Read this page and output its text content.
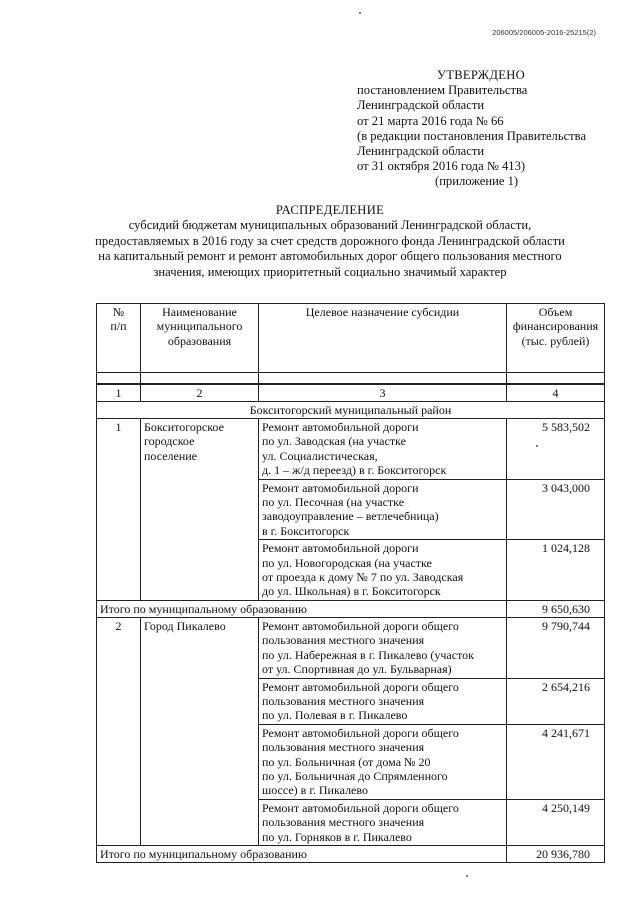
206005/206005-2016-25215(2)
УТВЕРЖДЕНО
постановлением Правительства
Ленинградской области
от 21 марта 2016 года № 66
(в редакции постановления Правительства
Ленинградской области
от 31 октября 2016 года № 413)
(приложение 1)
РАСПРЕДЕЛЕНИЕ
субсидий бюджетам муниципальных образований Ленинградской области,
предоставляемых в 2016 году за счет средств дорожного фонда Ленинградской области
на капитальный ремонт и ремонт автомобильных дорог общего пользования местного
значения, имеющих приоритетный социально значимый характер
№
п/п	Наименование
муниципального
образования	Целевое назначение субсидии	Объем
финансирования
(тыс. рублей)

1	2	3	4
Бокситогорский муниципальный район			
1	Бокситогорское
городское
поселение	Ремонт автомобильной дороги
по ул. Заводская (на участке
ул. Социалистическая,
д. 1 – ж/д переезд) в г. Бокситогорск	5 583,502
		Ремонт автомобильной дороги
по ул. Песочная (на участке
заводоуправление – ветлечебница)
в г. Бокситогорск	3 043,000
		Ремонт автомобильной дороги
по ул. Новогородская (на участке
от проезда к дому № 7 по ул. Заводская
до ул. Школьная) в г. Бокситогорск	1 024,128
Итого по муниципальному образованию			9 650,630
2	Город Пикалево	Ремонт автомобильной дороги общего
пользования местного значения
по ул. Набережная в г. Пикалево (участок
от ул. Спортивная до ул. Бульварная)	9 790,744
		Ремонт автомобильной дороги общего
пользования местного значения
по ул. Полевая в г. Пикалево	2 654,216
		Ремонт автомобильной дороги общего
пользования местного значения
по ул. Больничная (от дома № 20
по ул. Больничная до Спрямленного
шоссе) в г. Пикалево	4 241,671
		Ремонт автомобильной дороги общего
пользования местного значения
по ул. Горняков в г. Пикалево	4 250,149
Итого по муниципальному образованию			20 936,780
